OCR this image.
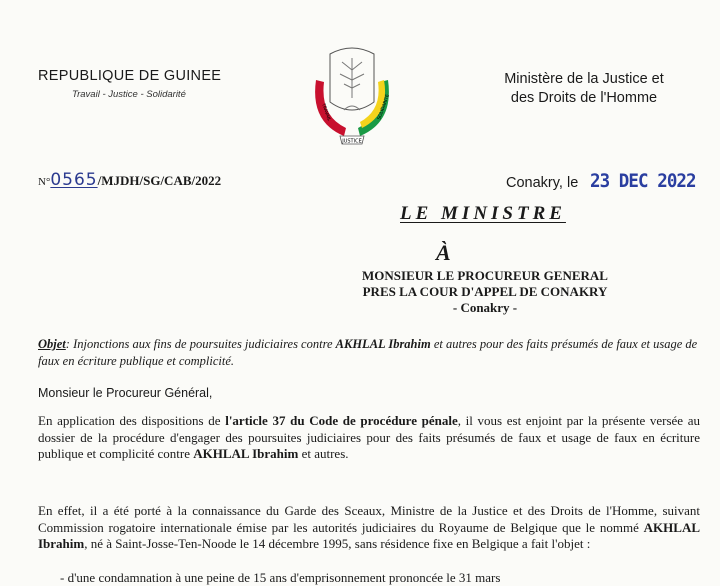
REPUBLIQUE DE GUINEE
Travail - Justice - Solidarité
JUSTICE
TRAVAIL	SOLIDARITE
Ministère de la Justice et
des Droits de l'Homme
N°0565/MJDH/SG/CAB/2022	Conakry, le 23 DEC 2022
LE MINISTRE
À
MONSIEUR LE PROCUREUR GENERAL
PRES LA COUR D'APPEL DE CONAKRY
- Conakry -
Objet: Injonctions aux fins de poursuites judiciaires contre AKHLAL Ibrahim et autres pour des faits présumés de faux et usage de faux en écriture publique et complicité.
Monsieur le Procureur Général,
En application des dispositions de l'article 37 du Code de procédure pénale, il vous est enjoint par la présente versée au dossier de la procédure d'engager des poursuites judiciaires pour des faits présumés de faux et usage de faux en écriture publique et complicité contre AKHLAL Ibrahim et autres.
En effet, il a été porté à la connaissance du Garde des Sceaux, Ministre de la Justice et des Droits de l'Homme, suivant Commission rogatoire internationale émise par les autorités judiciaires du Royaume de Belgique que le nommé AKHLAL Ibrahim, né à Saint-Josse-Ten-Noode le 14 décembre 1995, sans résidence fixe en Belgique a fait l'objet :
- d'une condamnation à une peine de 15 ans d'emprisonnement prononcée le 31 mars
